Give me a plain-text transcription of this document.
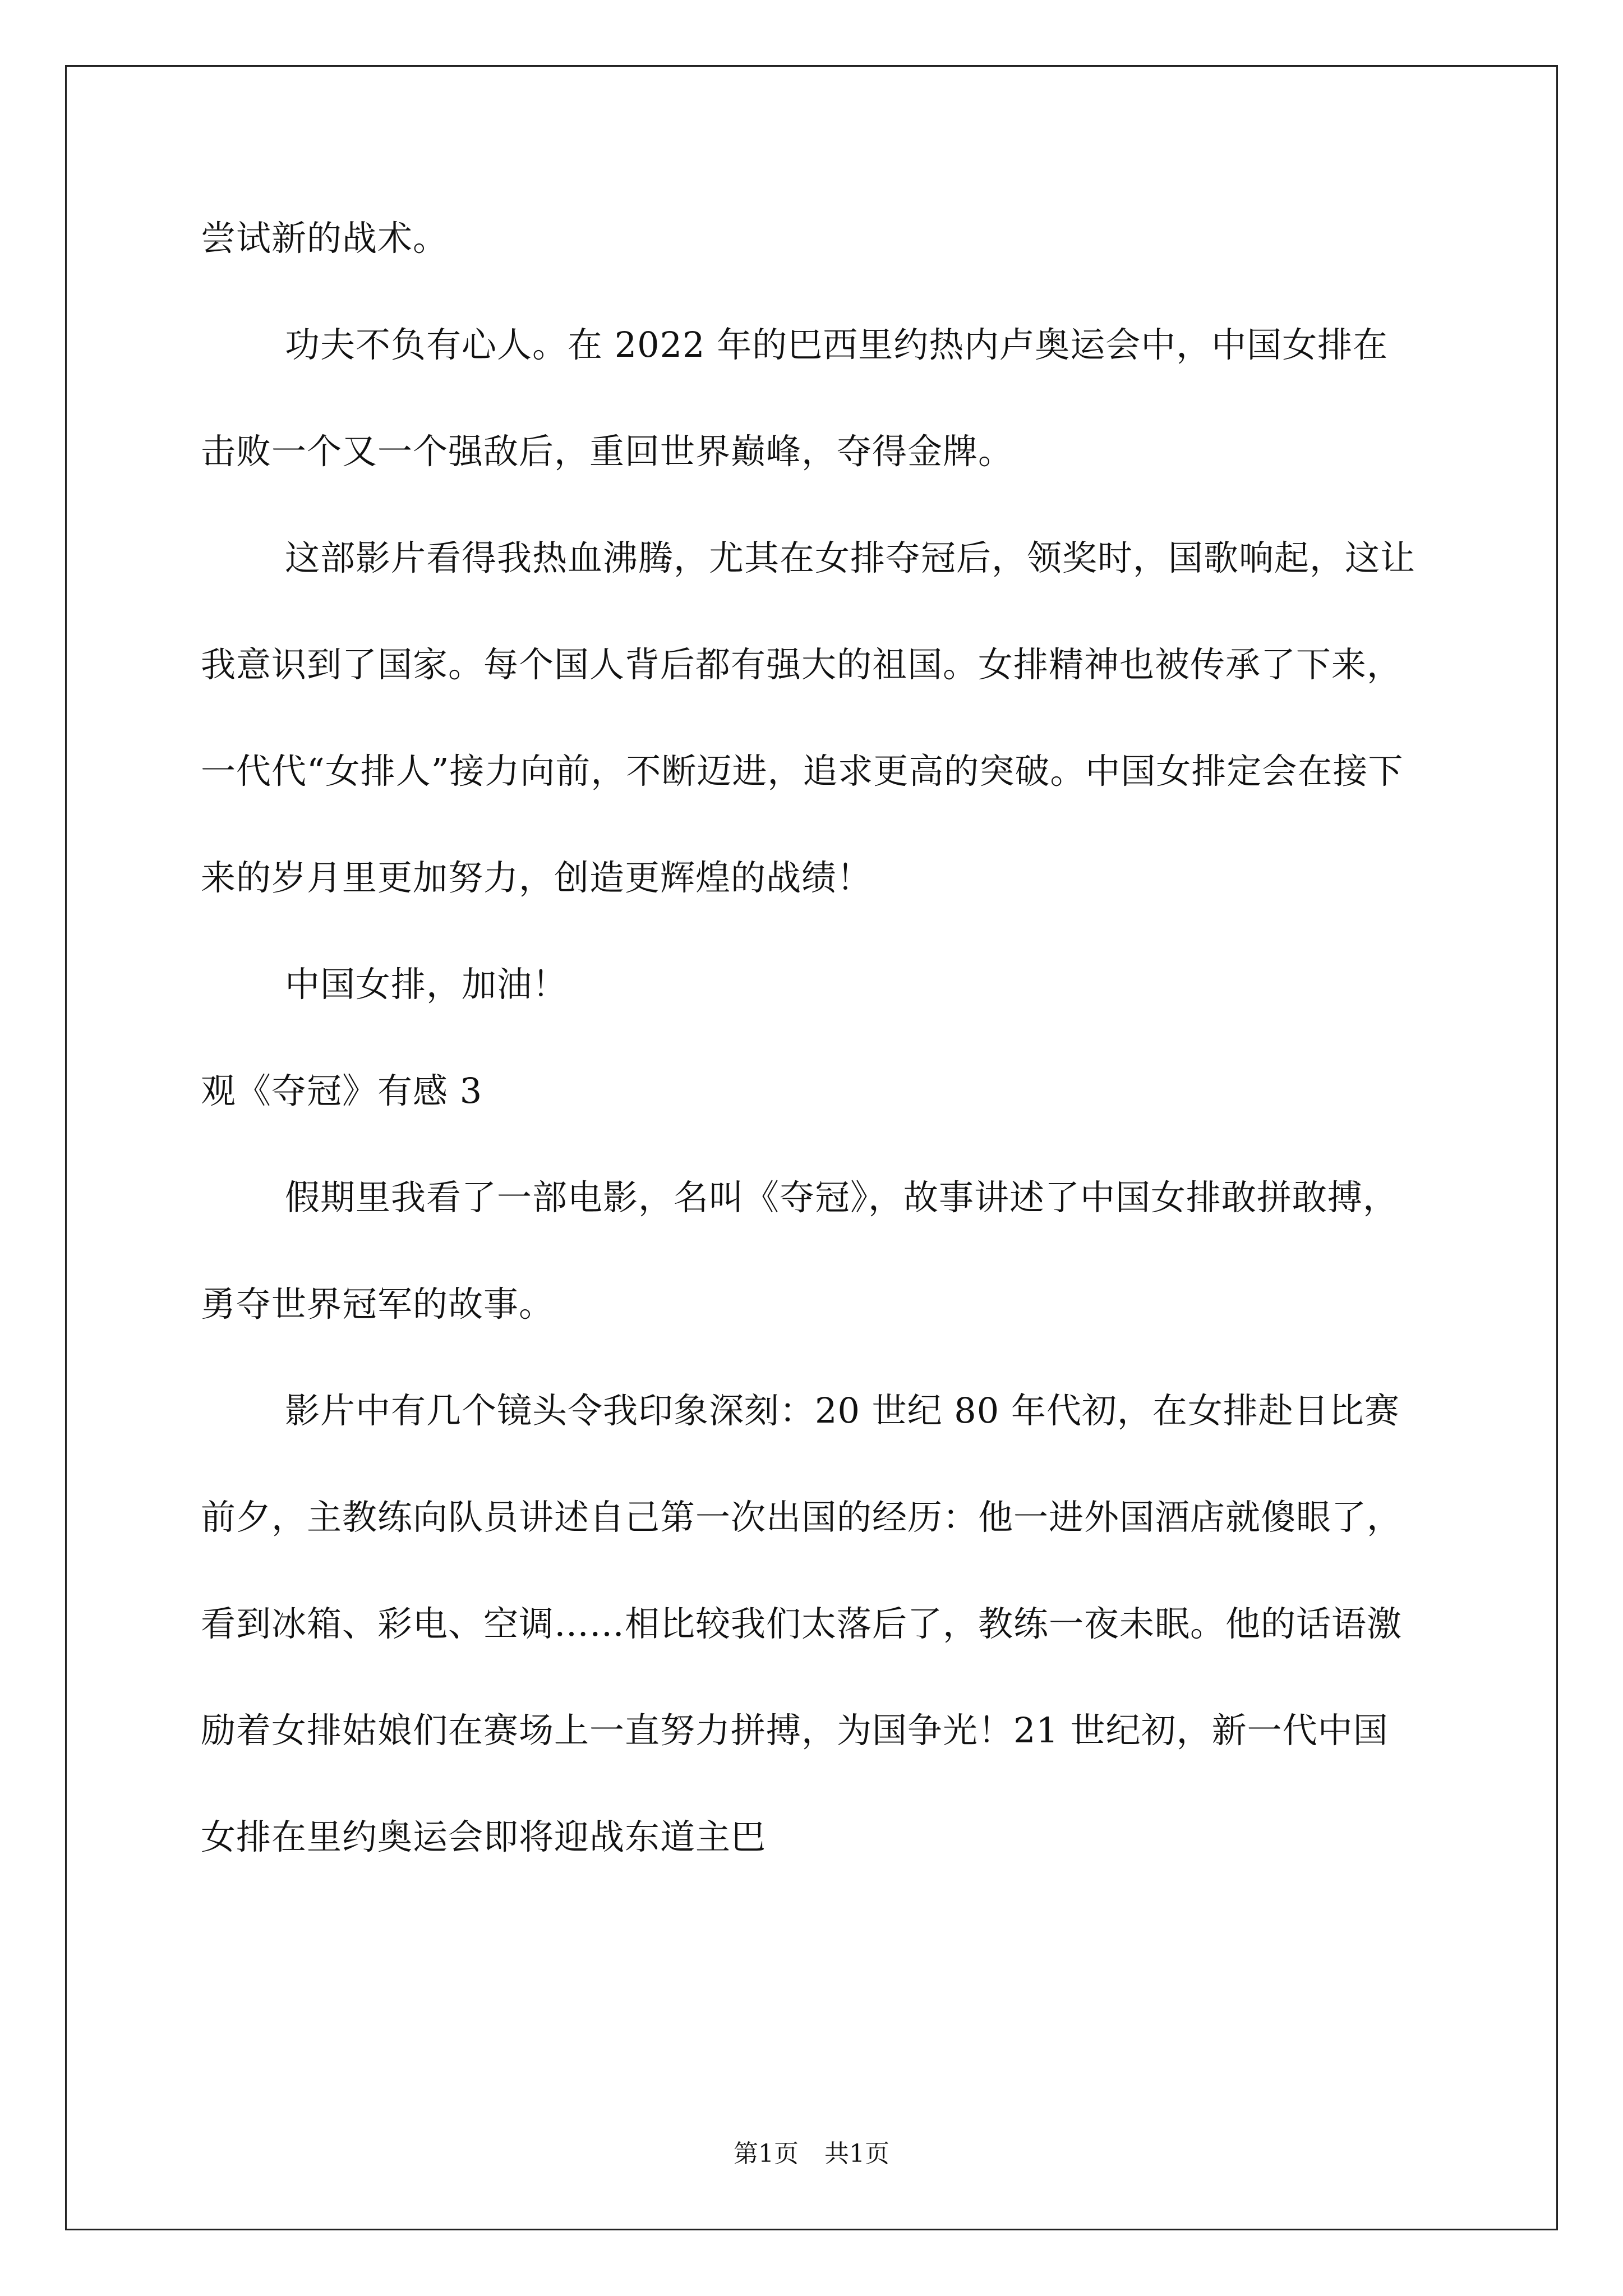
尝试新的战术。

功夫不负有心人。在 2022 年的巴西里约热内卢奥运会中，中国女排在击败一个又一个强敌后，重回世界巅峰，夺得金牌。

这部影片看得我热血沸腾，尤其在女排夺冠后，领奖时，国歌响起，这让我意识到了国家。每个国人背后都有强大的祖国。女排精神也被传承了下来，一代代“女排人”接力向前，不断迈进，追求更高的突破。中国女排定会在接下来的岁月里更加努力，创造更辉煌的战绩！

中国女排，加油！

观《夺冠》有感 3

假期里我看了一部电影，名叫《夺冠》，故事讲述了中国女排敢拼敢搏，勇夺世界冠军的故事。

影片中有几个镜头令我印象深刻：20 世纪 80 年代初，在女排赴日比赛前夕，主教练向队员讲述自己第一次出国的经历：他一进外国酒店就傻眼了，看到冰箱、彩电、空调……相比较我们太落后了，教练一夜未眠。他的话语激励着女排姑娘们在赛场上一直努力拼搏，为国争光！21 世纪初，新一代中国女排在里约奥运会即将迎战东道主巴

第1页 共1页
